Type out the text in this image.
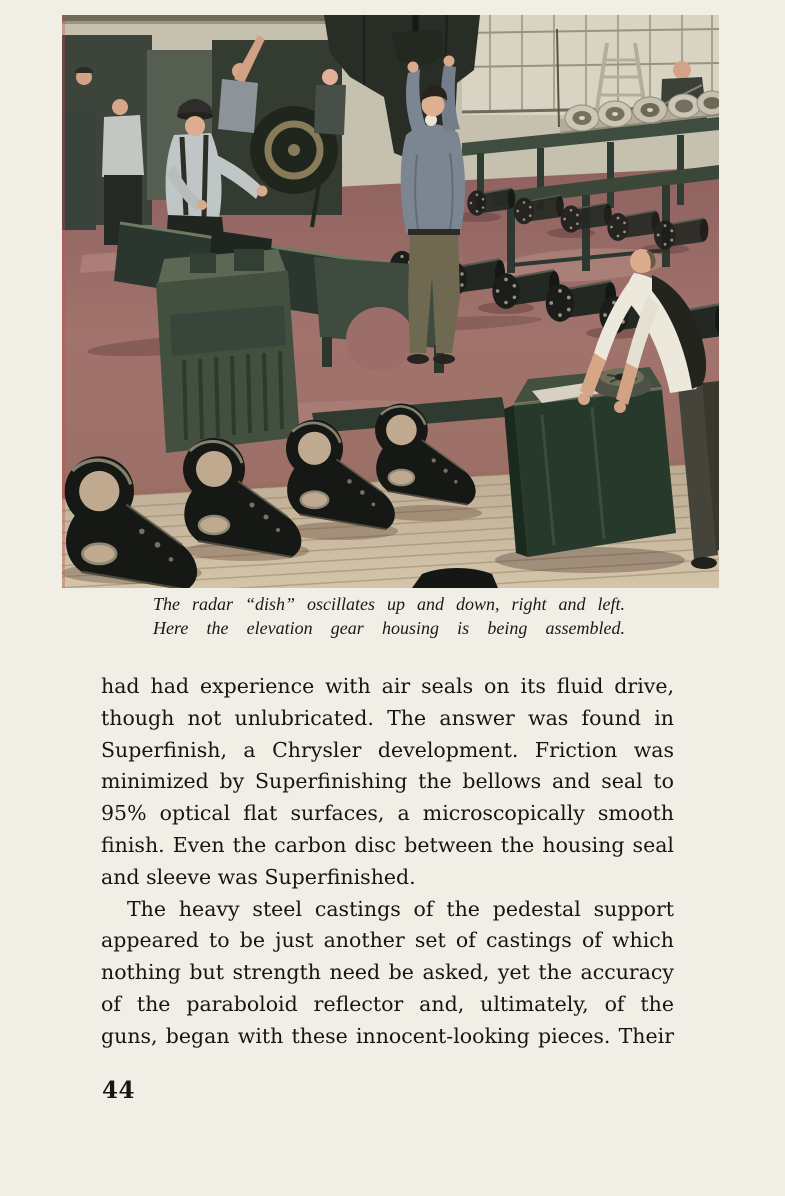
The radar “dish” oscillates up and down, right and left.
Here the elevation gear housing is being assembled.
had had experience with air seals on its fluid drive,
though not unlubricated. The answer was found in
Superfinish, a Chrysler development. Friction was
minimized by Superfinishing the bellows and seal to
95% optical flat surfaces, a microscopically smooth
finish. Even the carbon disc between the housing seal
and sleeve was Superfinished.
The heavy steel castings of the pedestal support
appeared to be just another set of castings of which
nothing but strength need be asked, yet the accuracy
of the paraboloid reflector and, ultimately, of the
guns, began with these innocent-looking pieces. Their
44
